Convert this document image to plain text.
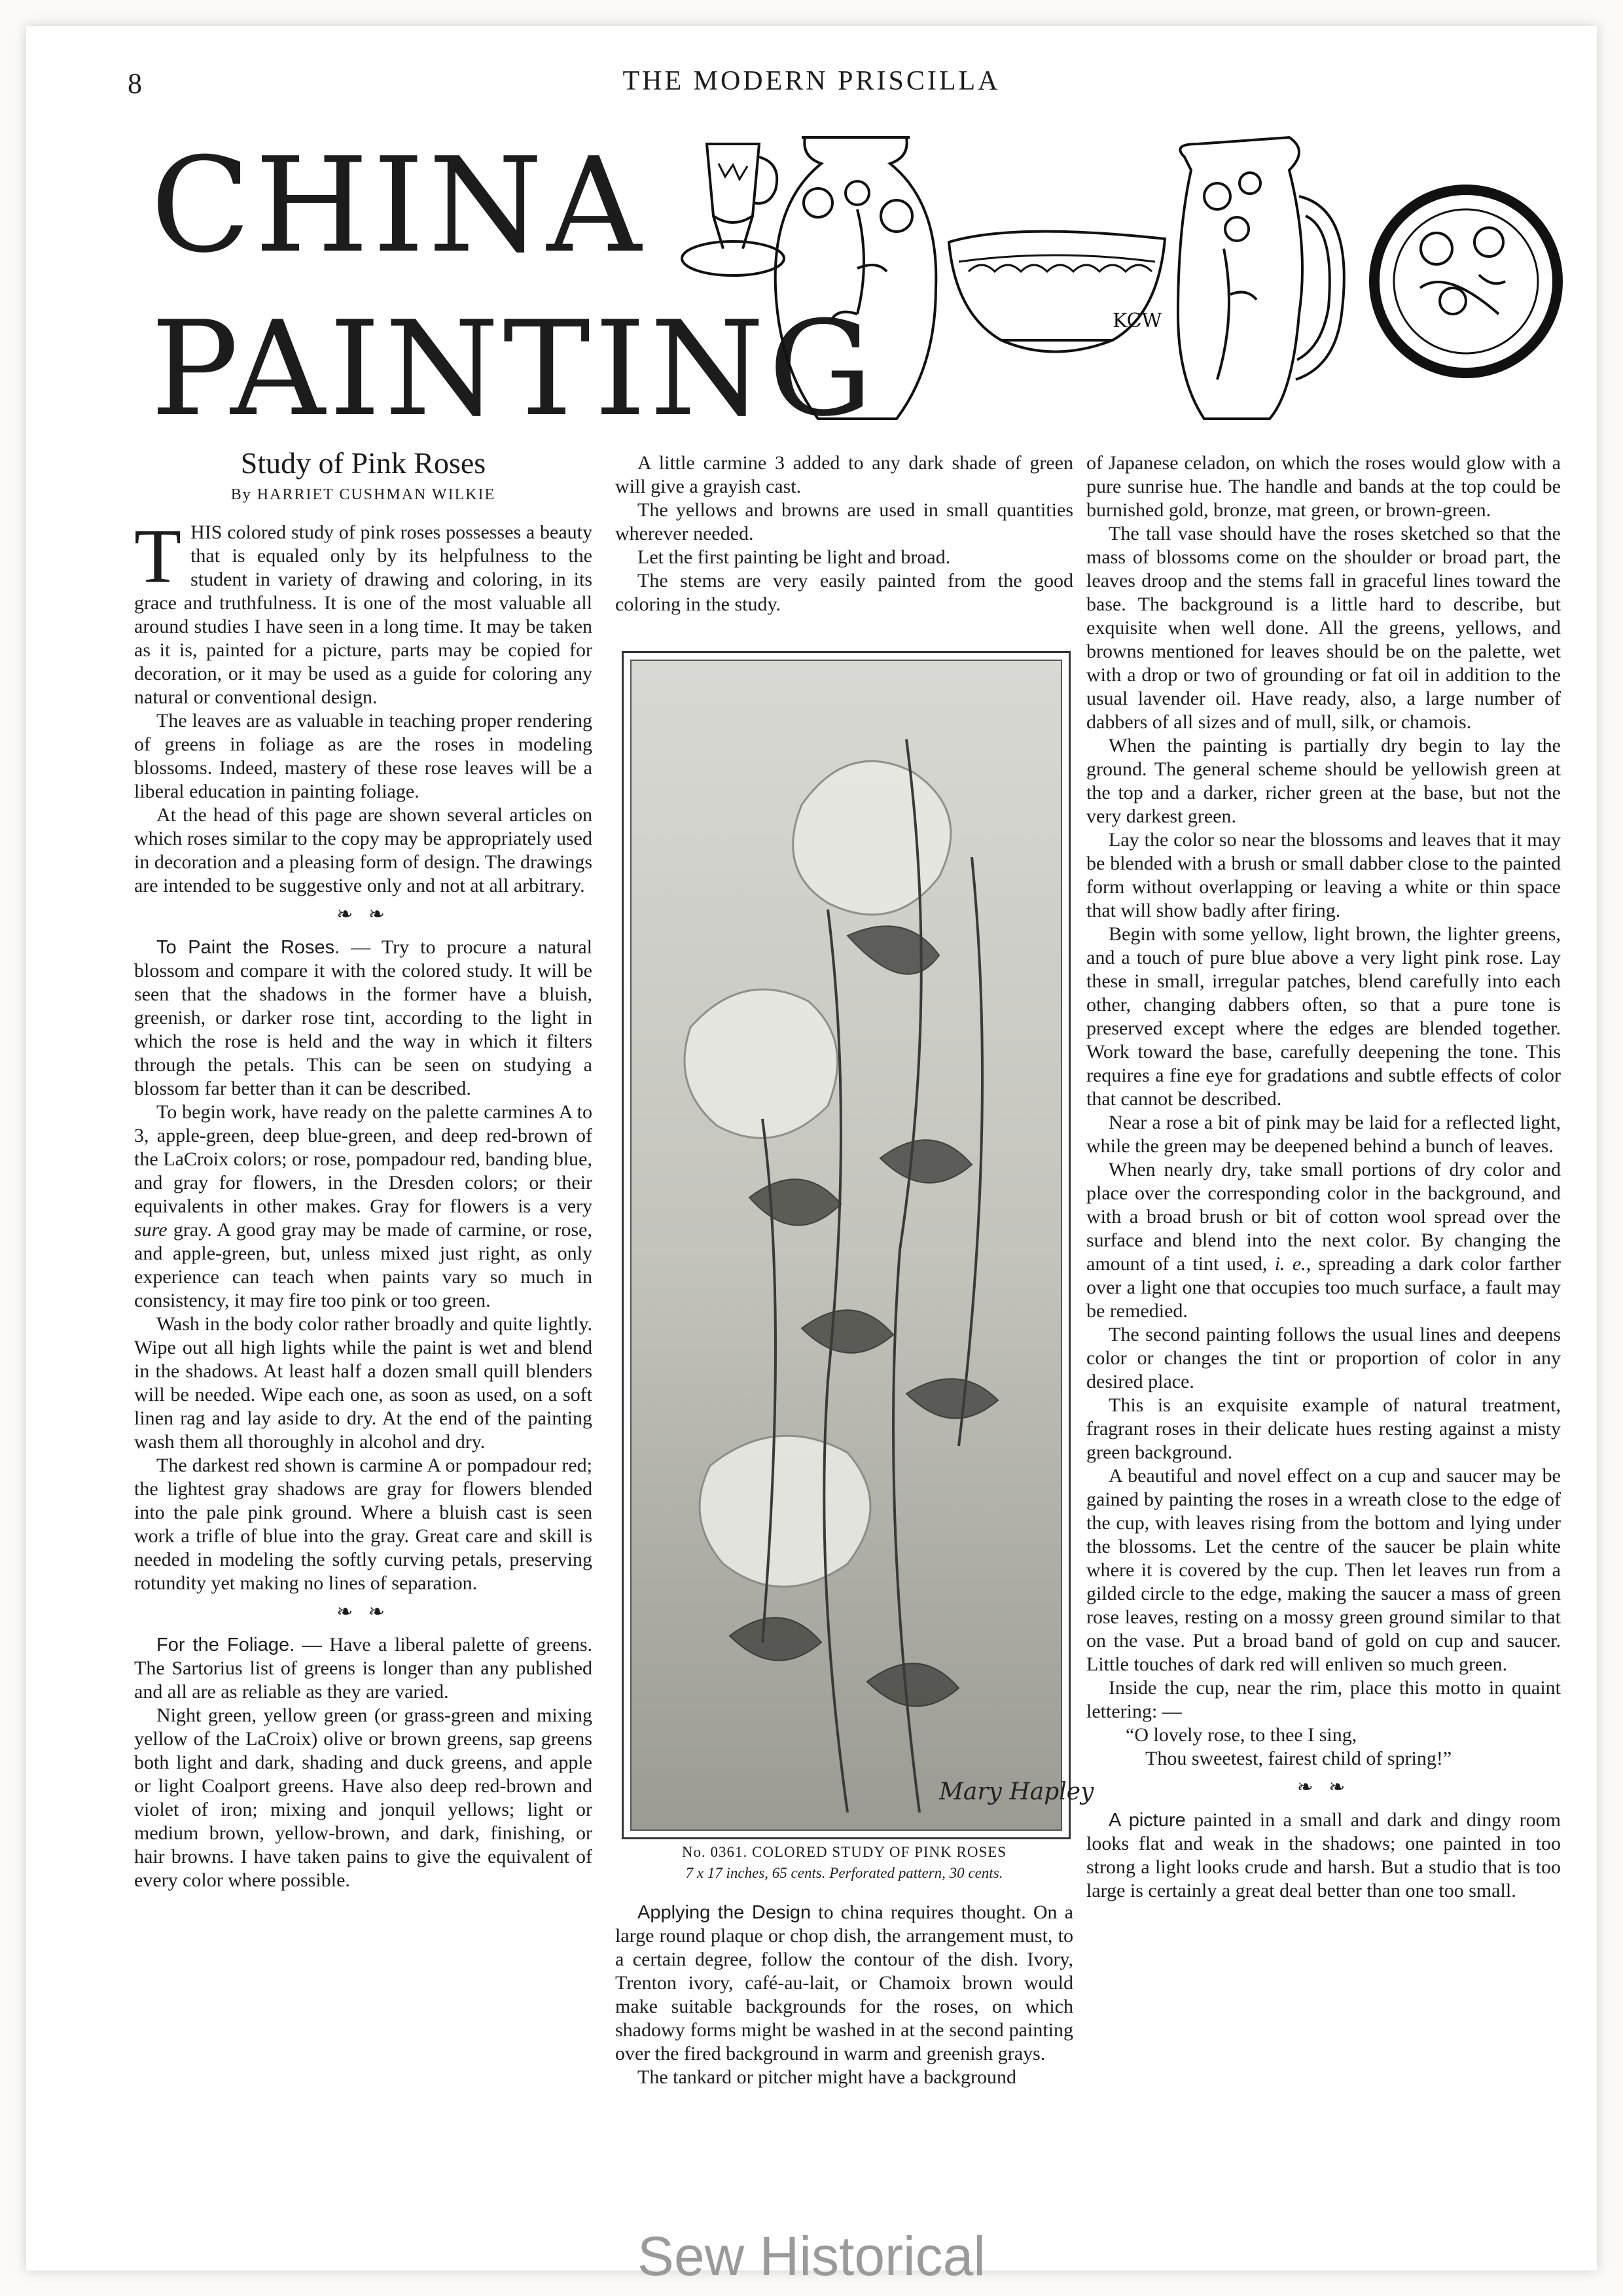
8	THE MODERN PRISCILLA
CHINA
PAINTING	KCW
Study of Pink Roses
By HARRIET CUSHMAN WILKIE

THIS colored study of pink roses possesses a beauty that is equaled only by its helpfulness to the student in variety of drawing and coloring, in its grace and truthfulness. It is one of the most valuable all around studies I have seen in a long time. It may be taken as it is, painted for a picture, parts may be copied for decoration, or it may be used as a guide for coloring any natural or conventional design.

The leaves are as valuable in teaching proper rendering of greens in foliage as are the roses in modeling blossoms. Indeed, mastery of these rose leaves will be a liberal education in painting foliage.

At the head of this page are shown several articles on which roses similar to the copy may be appropriately used in decoration and a pleasing form of design. The drawings are intended to be suggestive only and not at all arbitrary.

❧ ❧

To Paint the Roses. — Try to procure a natural blossom and compare it with the colored study. It will be seen that the shadows in the former have a bluish, greenish, or darker rose tint, according to the light in which the rose is held and the way in which it filters through the petals. This can be seen on studying a blossom far better than it can be described.

To begin work, have ready on the palette carmines A to 3, apple-green, deep blue-green, and deep red-brown of the LaCroix colors; or rose, pompadour red, banding blue, and gray for flowers, in the Dresden colors; or their equivalents in other makes. Gray for flowers is a very sure gray. A good gray may be made of carmine, or rose, and apple-green, but, unless mixed just right, as only experience can teach when paints vary so much in consistency, it may fire too pink or too green.

Wash in the body color rather broadly and quite lightly. Wipe out all high lights while the paint is wet and blend in the shadows. At least half a dozen small quill blenders will be needed. Wipe each one, as soon as used, on a soft linen rag and lay aside to dry. At the end of the painting wash them all thoroughly in alcohol and dry.

The darkest red shown is carmine A or pompadour red; the lightest gray shadows are gray for flowers blended into the pale pink ground. Where a bluish cast is seen work a trifle of blue into the gray. Great care and skill is needed in modeling the softly curving petals, preserving rotundity yet making no lines of separation.

❧ ❧

For the Foliage. — Have a liberal palette of greens. The Sartorius list of greens is longer than any published and all are as reliable as they are varied.

Night green, yellow green (or grass-green and mixing yellow of the LaCroix) olive or brown greens, sap greens both light and dark, shading and duck greens, and apple or light Coalport greens. Have also deep red-brown and violet of iron; mixing and jonquil yellows; light or medium brown, yellow-brown, and dark, finishing, or hair browns. I have taken pains to give the equivalent of every color where possible.

A little carmine 3 added to any dark shade of green will give a grayish cast.

The yellows and browns are used in small quantities wherever needed.

Let the first painting be light and broad.

The stems are very easily painted from the good coloring in the study.

Mary Hapley
No. 0361. COLORED STUDY OF PINK ROSES
7 x 17 inches, 65 cents. Perforated pattern, 30 cents.

Applying the Design to china requires thought. On a large round plaque or chop dish, the arrangement must, to a certain degree, follow the contour of the dish. Ivory, Trenton ivory, café-au-lait, or Chamoix brown would make suitable backgrounds for the roses, on which shadowy forms might be washed in at the second painting over the fired background in warm and greenish grays.

The tankard or pitcher might have a background

of Japanese celadon, on which the roses would glow with a pure sunrise hue. The handle and bands at the top could be burnished gold, bronze, mat green, or brown-green.

The tall vase should have the roses sketched so that the mass of blossoms come on the shoulder or broad part, the leaves droop and the stems fall in graceful lines toward the base. The background is a little hard to describe, but exquisite when well done. All the greens, yellows, and browns mentioned for leaves should be on the palette, wet with a drop or two of grounding or fat oil in addition to the usual lavender oil. Have ready, also, a large number of dabbers of all sizes and of mull, silk, or chamois.

When the painting is partially dry begin to lay the ground. The general scheme should be yellowish green at the top and a darker, richer green at the base, but not the very darkest green.

Lay the color so near the blossoms and leaves that it may be blended with a brush or small dabber close to the painted form without overlapping or leaving a white or thin space that will show badly after firing.

Begin with some yellow, light brown, the lighter greens, and a touch of pure blue above a very light pink rose. Lay these in small, irregular patches, blend carefully into each other, changing dabbers often, so that a pure tone is preserved except where the edges are blended together. Work toward the base, carefully deepening the tone. This requires a fine eye for gradations and subtle effects of color that cannot be described.

Near a rose a bit of pink may be laid for a reflected light, while the green may be deepened behind a bunch of leaves.

When nearly dry, take small portions of dry color and place over the corresponding color in the background, and with a broad brush or bit of cotton wool spread over the surface and blend into the next color. By changing the amount of a tint used, i. e., spreading a dark color farther over a light one that occupies too much surface, a fault may be remedied.

The second painting follows the usual lines and deepens color or changes the tint or proportion of color in any desired place.

This is an exquisite example of natural treatment, fragrant roses in their delicate hues resting against a misty green background.

A beautiful and novel effect on a cup and saucer may be gained by painting the roses in a wreath close to the edge of the cup, with leaves rising from the bottom and lying under the blossoms. Let the centre of the saucer be plain white where it is covered by the cup. Then let leaves run from a gilded circle to the edge, making the saucer a mass of green rose leaves, resting on a mossy green ground similar to that on the vase. Put a broad band of gold on cup and saucer. Little touches of dark red will enliven so much green.

Inside the cup, near the rim, place this motto in quaint lettering: —

“O lovely rose, to thee I sing,

Thou sweetest, fairest child of spring!”

❧ ❧

A picture painted in a small and dark and dingy room looks flat and weak in the shadows; one painted in too strong a light looks crude and harsh. But a studio that is too large is certainly a great deal better than one too small.

Sew Historical
